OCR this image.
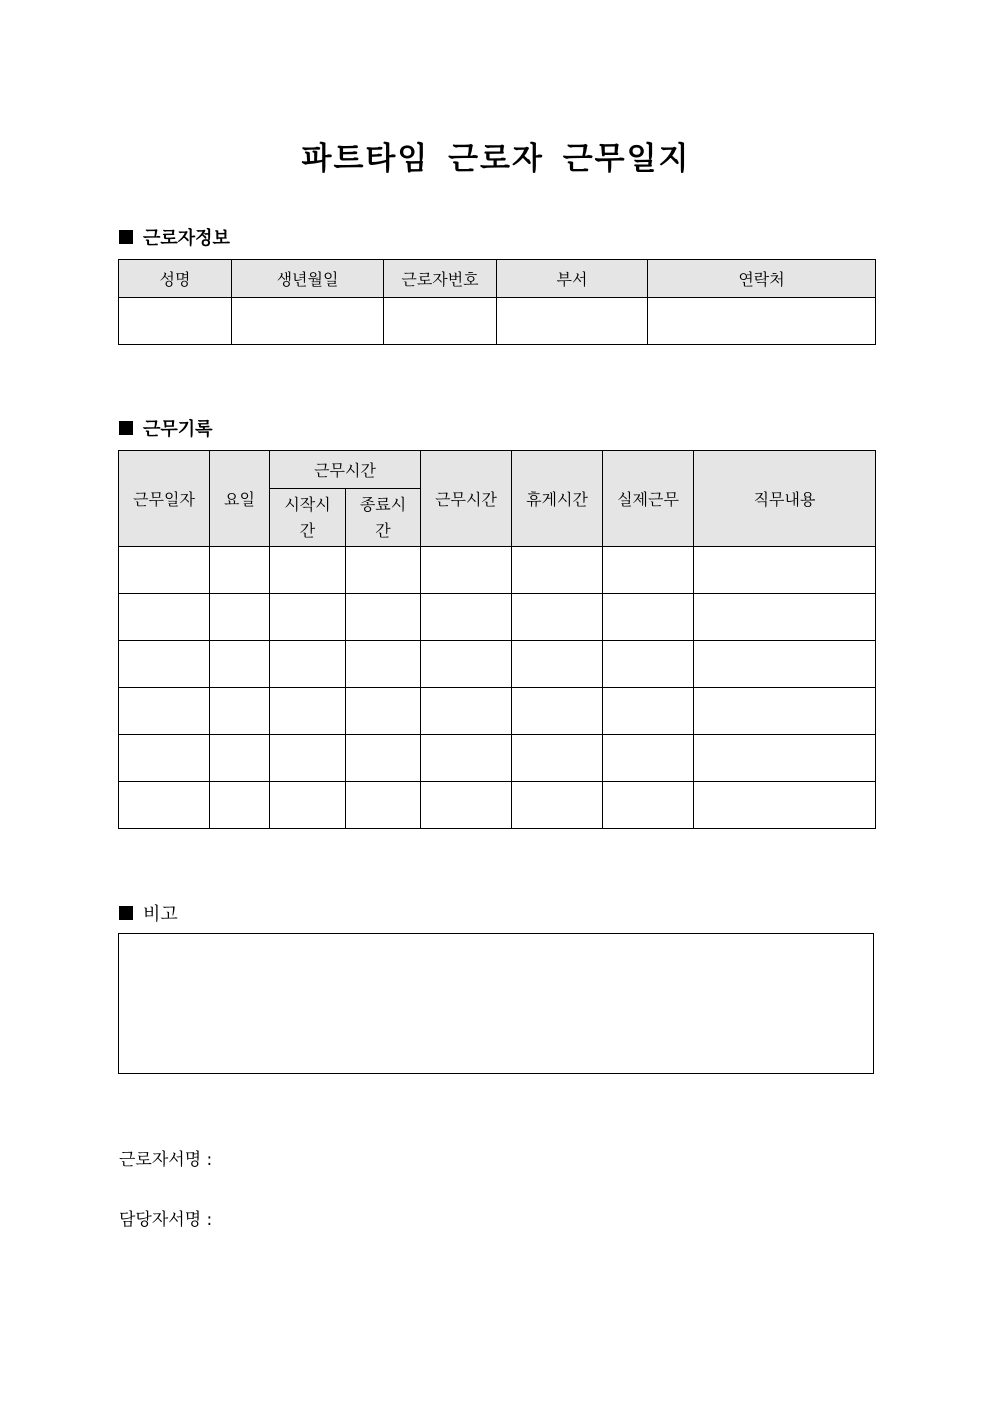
파트타임 근로자 근무일지
근로자정보
성명	생년월일	근로자번호	부서	연락처

근무기록
근무일자	요일	근무시간		근무시간	휴게시간	실제근무	직무내용
		시작시간	종료시간				

비고
근로자서명 :
담당자서명 :
